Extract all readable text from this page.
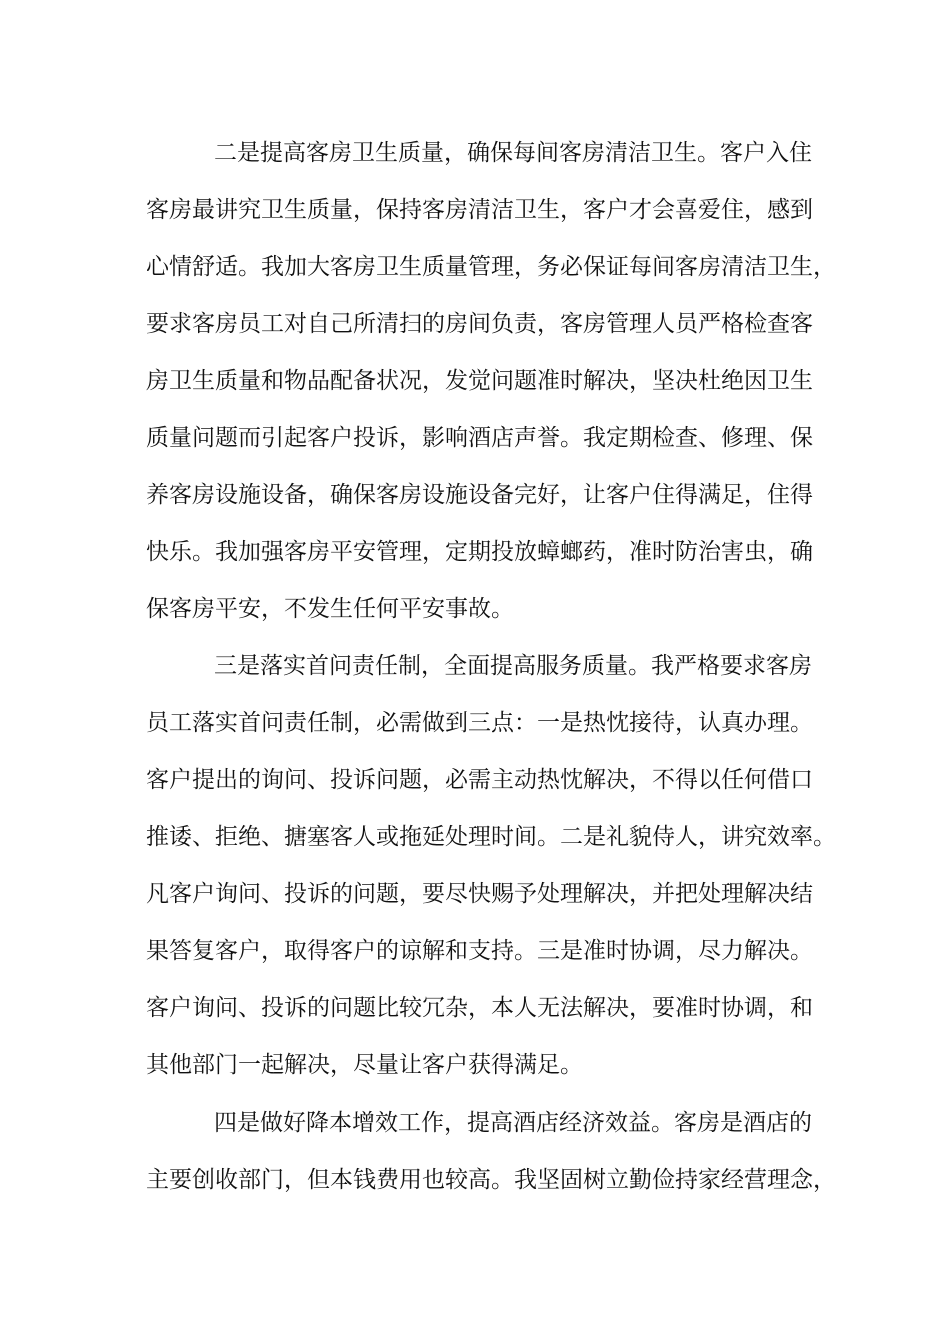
二是提高客房卫生质量，确保每间客房清洁卫生。客户入住
客房最讲究卫生质量，保持客房清洁卫生，客户才会喜爱住，感到
心情舒适。我加大客房卫生质量管理，务必保证每间客房清洁卫生，
要求客房员工对自己所清扫的房间负责，客房管理人员严格检查客
房卫生质量和物品配备状况，发觉问题准时解决，坚决杜绝因卫生
质量问题而引起客户投诉，影响酒店声誉。我定期检查、修理、保
养客房设施设备，确保客房设施设备完好，让客户住得满足，住得
快乐。我加强客房平安管理，定期投放蟑螂药，准时防治害虫，确
保客房平安，不发生任何平安事故。
三是落实首问责任制，全面提高服务质量。我严格要求客房
员工落实首问责任制，必需做到三点：一是热忱接待，认真办理。
客户提出的询问、投诉问题，必需主动热忱解决，不得以任何借口
推诿、拒绝、搪塞客人或拖延处理时间。二是礼貌侍人，讲究效率。
凡客户询问、投诉的问题，要尽快赐予处理解决，并把处理解决结
果答复客户，取得客户的谅解和支持。三是准时协调，尽力解决。
客户询问、投诉的问题比较冗杂，本人无法解决，要准时协调，和
其他部门一起解决，尽量让客户获得满足。
四是做好降本增效工作，提高酒店经济效益。客房是酒店的
主要创收部门，但本钱费用也较高。我坚固树立勤俭持家经营理念，
